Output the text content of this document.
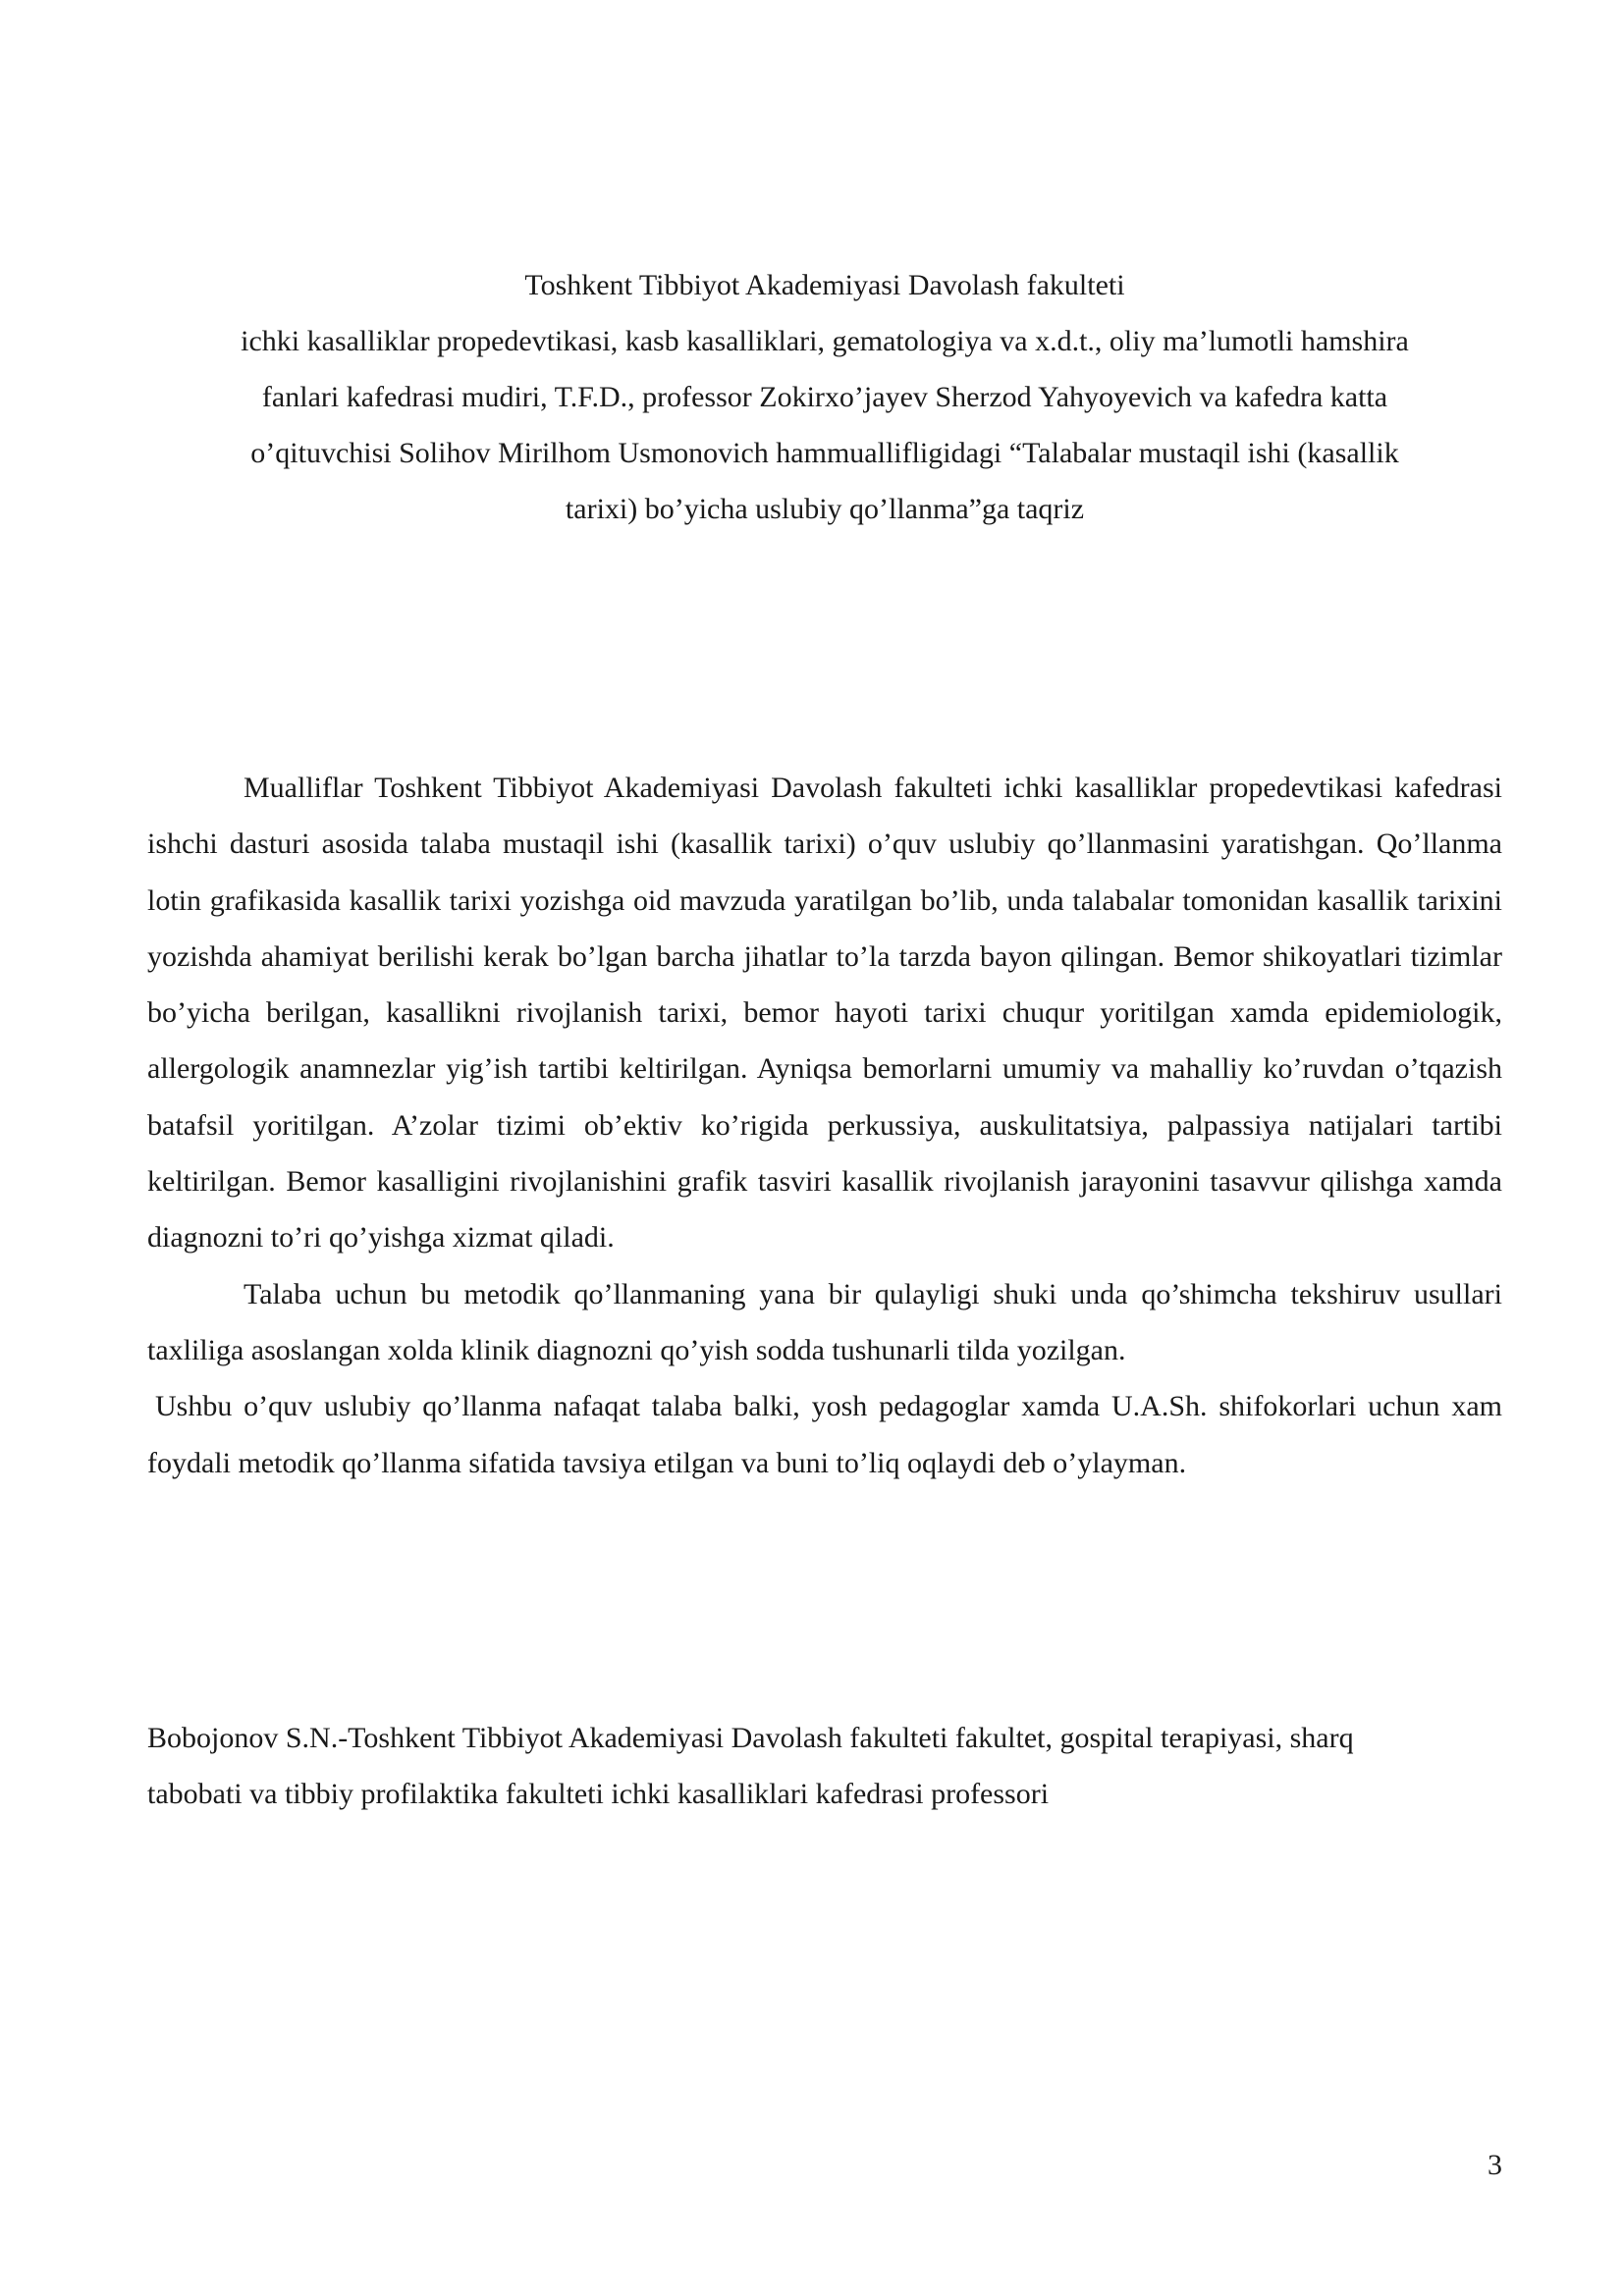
Toshkent Tibbiyot Akademiyasi Davolash fakulteti
ichki kasalliklar propedevtikasi, kasb kasalliklari, gematologiya va x.d.t., oliy ma’lumotli hamshira
fanlari kafedrasi mudiri, T.F.D., professor Zokirxo’jayev Sherzod Yahyoyevich va kafedra katta
o’qituvchisi Solihov Mirilhom Usmonovich hammuallifligidagi “Talabalar mustaqil ishi (kasallik
tarixi) bo’yicha uslubiy qo’llanma”ga taqriz

Mualliflar Toshkent Tibbiyot Akademiyasi Davolash fakulteti ichki kasalliklar propedevtikasi kafedrasi ishchi dasturi asosida talaba mustaqil ishi (kasallik tarixi) o’quv uslubiy qo’llanmasini yaratishgan. Qo’llanma lotin grafikasida kasallik tarixi yozishga oid mavzuda yaratilgan bo’lib, unda talabalar tomonidan kasallik tarixini yozishda ahamiyat berilishi kerak bo’lgan barcha jihatlar to’la tarzda bayon qilingan. Bemor shikoyatlari tizimlar bo’yicha berilgan, kasallikni rivojlanish tarixi, bemor hayoti tarixi chuqur yoritilgan xamda epidemiologik, allergologik anamnezlar yig’ish tartibi keltirilgan. Ayniqsa bemorlarni umumiy va mahalliy ko’ruvdan o’tqazish batafsil yoritilgan. A’zolar tizimi ob’ektiv ko’rigida perkussiya, auskulitatsiya, palpassiya natijalari tartibi keltirilgan. Bemor kasalligini rivojlanishini grafik tasviri kasallik rivojlanish jarayonini tasavvur qilishga xamda diagnozni to’ri qo’yishga xizmat qiladi.

Talaba uchun bu metodik qo’llanmaning yana bir qulayligi shuki unda qo’shimcha tekshiruv usullari taxliliga asoslangan xolda klinik diagnozni qo’yish sodda tushunarli tilda yozilgan.

Ushbu o’quv uslubiy qo’llanma nafaqat talaba balki, yosh pedagoglar xamda U.A.Sh. shifokorlari uchun xam foydali metodik qo’llanma sifatida tavsiya etilgan va buni to’liq oqlaydi deb o’ylayman.

Bobojonov S.N.-Toshkent Tibbiyot Akademiyasi Davolash fakulteti fakultet, gospital terapiyasi, sharq
tabobati va tibbiy profilaktika fakulteti ichki kasalliklari kafedrasi professori
3
